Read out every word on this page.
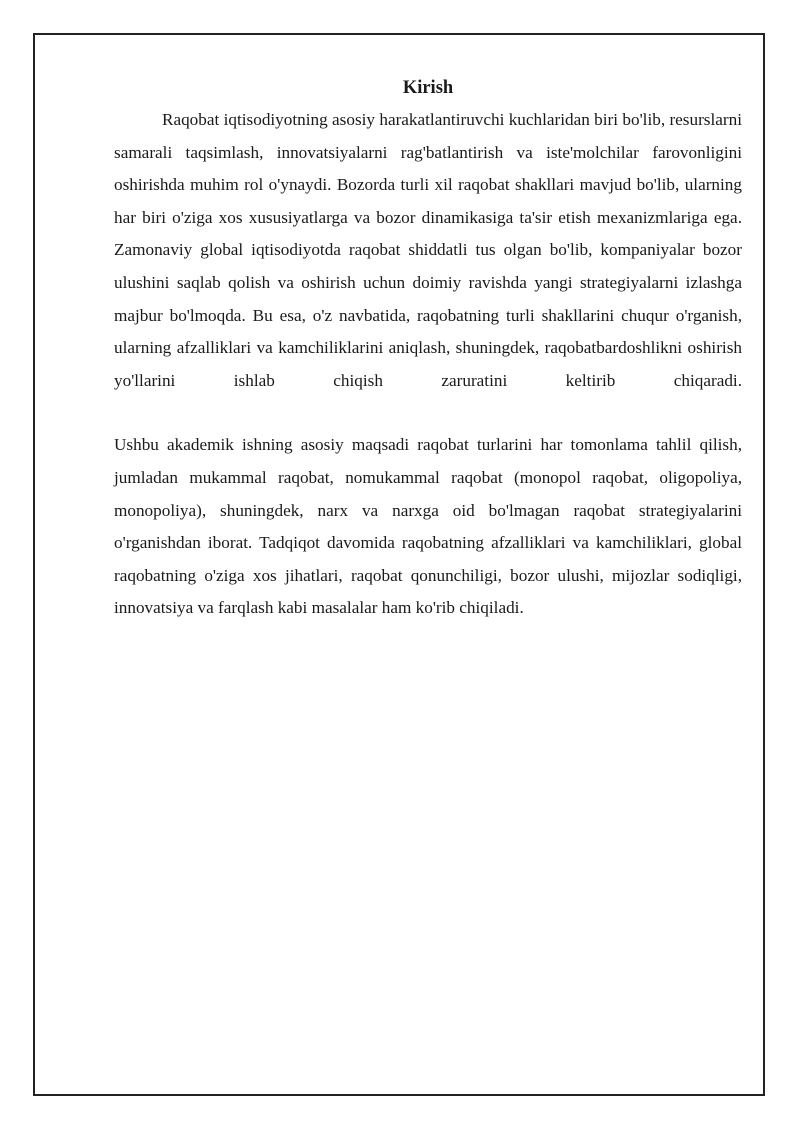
Kirish

Raqobat iqtisodiyotning asosiy harakatlantiruvchi kuchlaridan biri bo'lib, resurslarni samarali taqsimlash, innovatsiyalarni rag'batlantirish va iste'molchilar farovonligini oshirishda muhim rol o'ynaydi. Bozorda turli xil raqobat shakllari mavjud bo'lib, ularning har biri o'ziga xos xususiyatlarga va bozor dinamikasiga ta'sir etish mexanizmlariga ega. Zamonaviy global iqtisodiyotda raqobat shiddatli tus olgan bo'lib, kompaniyalar bozor ulushini saqlab qolish va oshirish uchun doimiy ravishda yangi strategiyalarni izlashga majbur bo'lmoqda. Bu esa, o'z navbatida, raqobatning turli shakllarini chuqur o'rganish, ularning afzalliklari va kamchiliklarini aniqlash, shuningdek, raqobatbardoshlikni oshirish yo'llarini ishlab chiqish zaruratini keltirib chiqaradi.

Ushbu akademik ishning asosiy maqsadi raqobat turlarini har tomonlama tahlil qilish, jumladan mukammal raqobat, nomukammal raqobat (monopol raqobat, oligopoliya, monopoliya), shuningdek, narx va narxga oid bo'lmagan raqobat strategiyalarini o'rganishdan iborat. Tadqiqot davomida raqobatning afzalliklari va kamchiliklari, global raqobatning o'ziga xos jihatlari, raqobat qonunchiligi, bozor ulushi, mijozlar sodiqligi, innovatsiya va farqlash kabi masalalar ham ko'rib chiqiladi.
